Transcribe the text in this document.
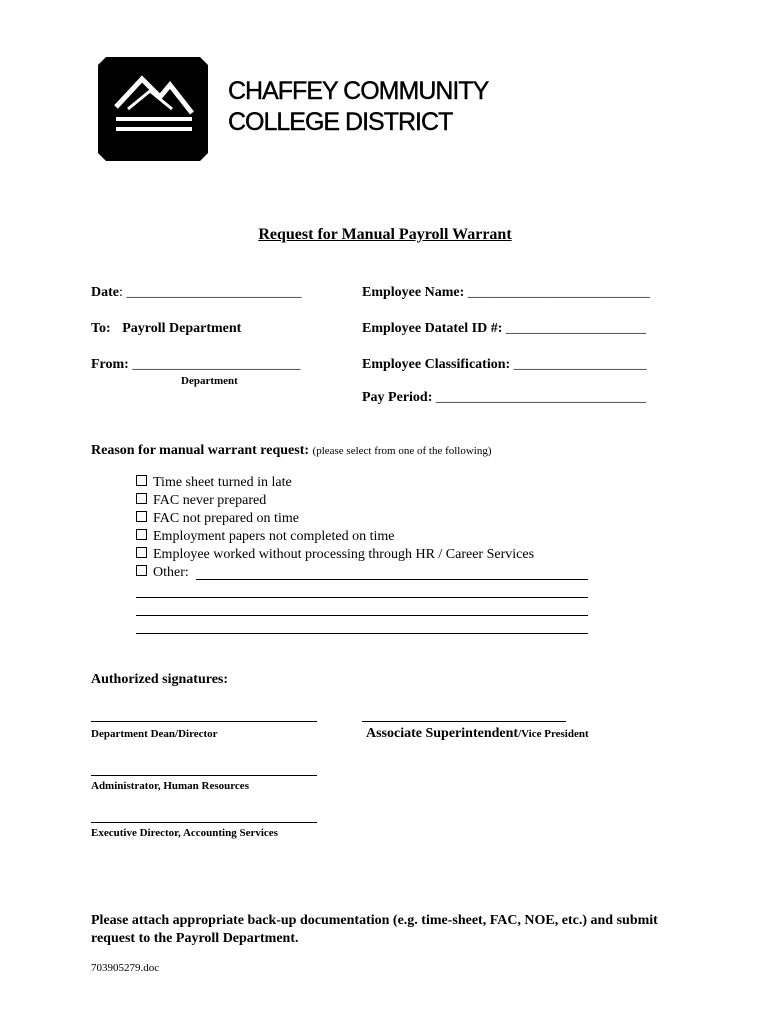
CHAFFEY COMMUNITY
COLLEGE DISTRICT
Request for Manual Payroll Warrant
Date: _________________________
To: Payroll Department
From: ________________________
Department
Employee Name: __________________________
Employee Datatel ID #: ____________________
Employee Classification: ___________________
Pay Period: ______________________________
Reason for manual warrant request: (please select from one of the following)
Time sheet turned in late
FAC never prepared
FAC not prepared on time
Employment papers not completed on time
Employee worked without processing through HR / Career Services
Other:
Authorized signatures:
Department Dean/Director	Associate Superintendent/Vice President
Administrator, Human Resources
Executive Director, Accounting Services
Please attach appropriate back-up documentation (e.g. time-sheet, FAC, NOE, etc.) and submit request to the Payroll Department.
703905279.doc
